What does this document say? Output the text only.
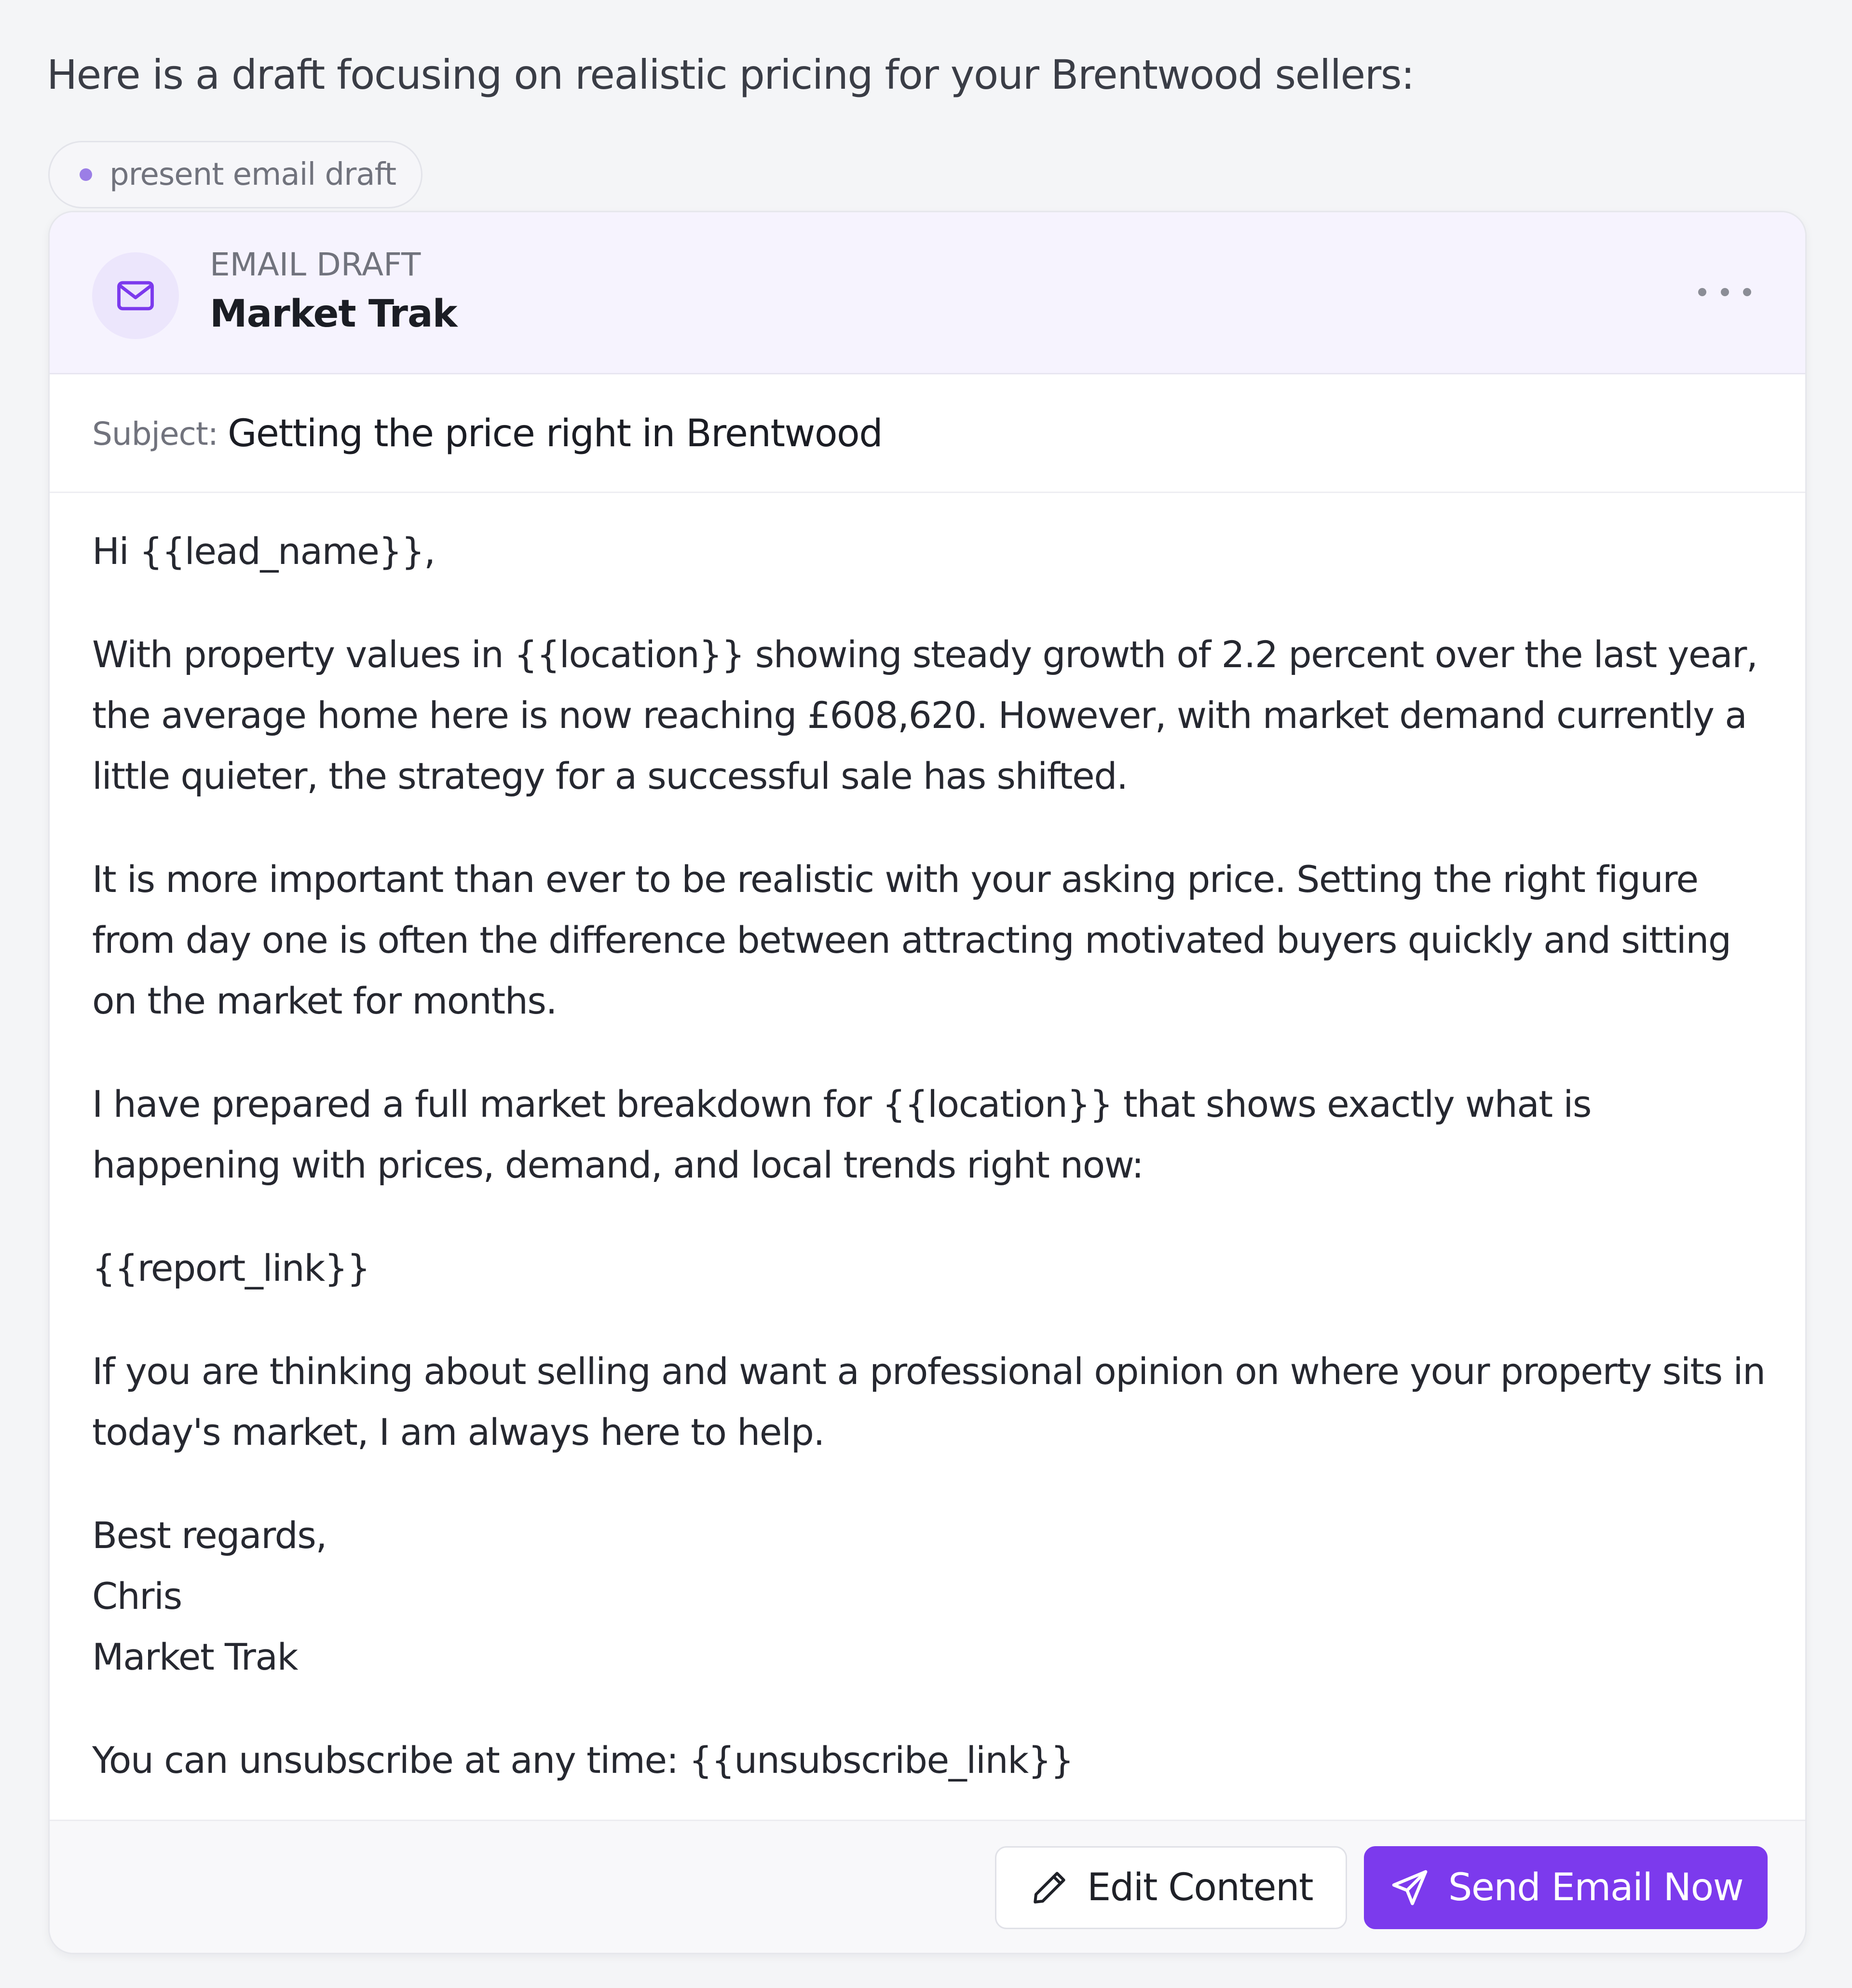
Here is a draft focusing on realistic pricing for your Brentwood sellers:
present email draft
EMAIL DRAFT
Market Trak
Subject: Getting the price right in Brentwood

Hi {{lead_name}},

With property values in {{location}} showing steady growth of 2.2 percent over the last year, the average home here is now reaching £608,620. However, with market demand currently a little quieter, the strategy for a successful sale has shifted.

It is more important than ever to be realistic with your asking price. Setting the right figure from day one is often the difference between attracting motivated buyers quickly and sitting on the market for months.

I have prepared a full market breakdown for {{location}} that shows exactly what is happening with prices, demand, and local trends right now:

{{report_link}}

If you are thinking about selling and want a professional opinion on where your property sits in today's market, I am always here to help.

Best regards,
Chris
Market Trak

You can unsubscribe at any time: {{unsubscribe_link}}

Edit Content	Send Email Now
